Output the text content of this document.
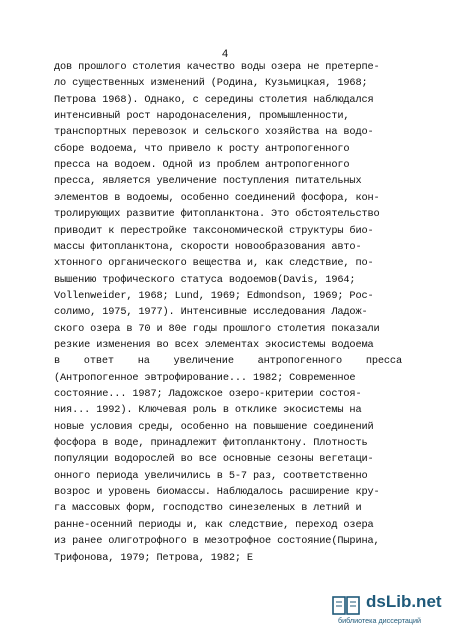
4
дов прошлого столетия качество воды озера не претерпе-
ло существенных изменений (Родина, Кузьмицкая, 1968;
Петрова 1968). Однако, с середины столетия наблюдался
интенсивный рост народонаселения, промышленности,
транспортных перевозок и сельского хозяйства на водо-
сборе водоема, что привело к росту антропогенного
пресса на водоем. Одной из проблем антропогенного
пресса, является увеличение поступления питательных
элементов в водоемы, особенно соединений фосфора, кон-
тролирующих развитие фитопланктона. Это обстоятельство
приводит к перестройке таксономической структуры био-
массы фитопланктона, скорости новообразования авто-
хтонного органического вещества и, как следствие, по-
вышению трофического статуса водоемов(Davis, 1964;
Vollenweider, 1968; Lund, 1969; Edmondson, 1969; Рос-
солимо, 1975, 1977). Интенсивные исследования Ладож-
ского озера в 70 и 80е годы прошлого столетия показали
резкие изменения во всех элементах экосистемы водоема
в ответ на увеличение антропогенного пресса
(Антропогенное эвтрофирование... 1982; Современное
состояние... 1987; Ладожское озеро-критерии состоя-
ния... 1992). Ключевая роль в отклике экосистемы на
новые условия среды, особенно на повышение соединений
фосфора в воде, принадлежит фитопланктону. Плотность
популяции водорослей во все основные сезоны вегетаци-
онного периода увеличились в 5-7 раз, соответственно
возрос и уровень биомассы. Наблюдалось расширение кру-
га массовых форм, господство синезеленых в летний и
ранне-осенний периоды и, как следствие, переход озера
из ранее олиготрофного в мезотрофное состояние(Пырина,
Трифонова, 1979; Петрова, 1982; E
dsLib.net
библиотека диссертаций
